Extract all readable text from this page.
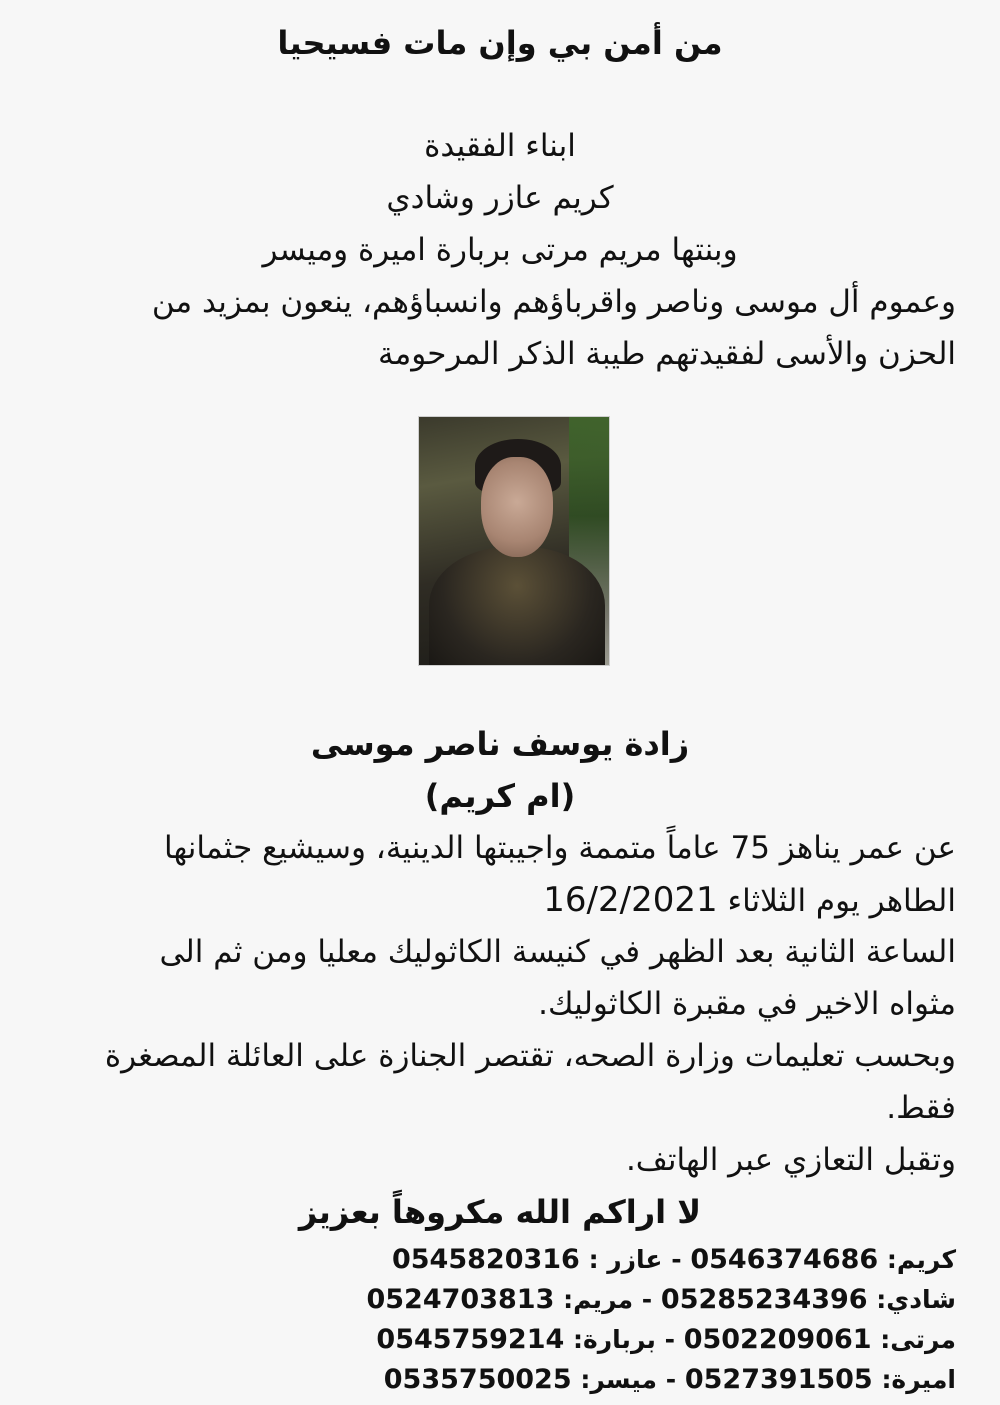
من أمن بي وإن مات فسيحيا
ابناء الفقيدة
كريم عازر وشادي
وبنتها مريم مرتى بربارة اميرة وميسر
وعموم أل موسى وناصر واقرباؤهم وانسباؤهم، ينعون بمزيد من
الحزن والأسى لفقيدتهم طيبة الذكر المرحومة
زادة يوسف ناصر موسى
(ام كريم)
عن عمر يناهز 75 عاماً متممة واجيبتها الدينية، وسيشيع جثمانها
الطاهر يوم الثلاثاء 16/2/2021
الساعة الثانية بعد الظهر في كنيسة الكاثوليك معليا ومن ثم الى
مثواه الاخير في مقبرة الكاثوليك.
وبحسب تعليمات وزارة الصحه، تقتصر الجنازة على العائلة المصغرة
فقط.
وتقبل التعازي عبر الهاتف.
لا اراكم الله مكروهاً بعزيز
كريم: 0546374686 - عازر : 0545820316
شادي: 05285234396 - مريم: 0524703813
مرتى: 0502209061 - بربارة: 0545759214
اميرة: 0527391505 - ميسر: 0535750025
